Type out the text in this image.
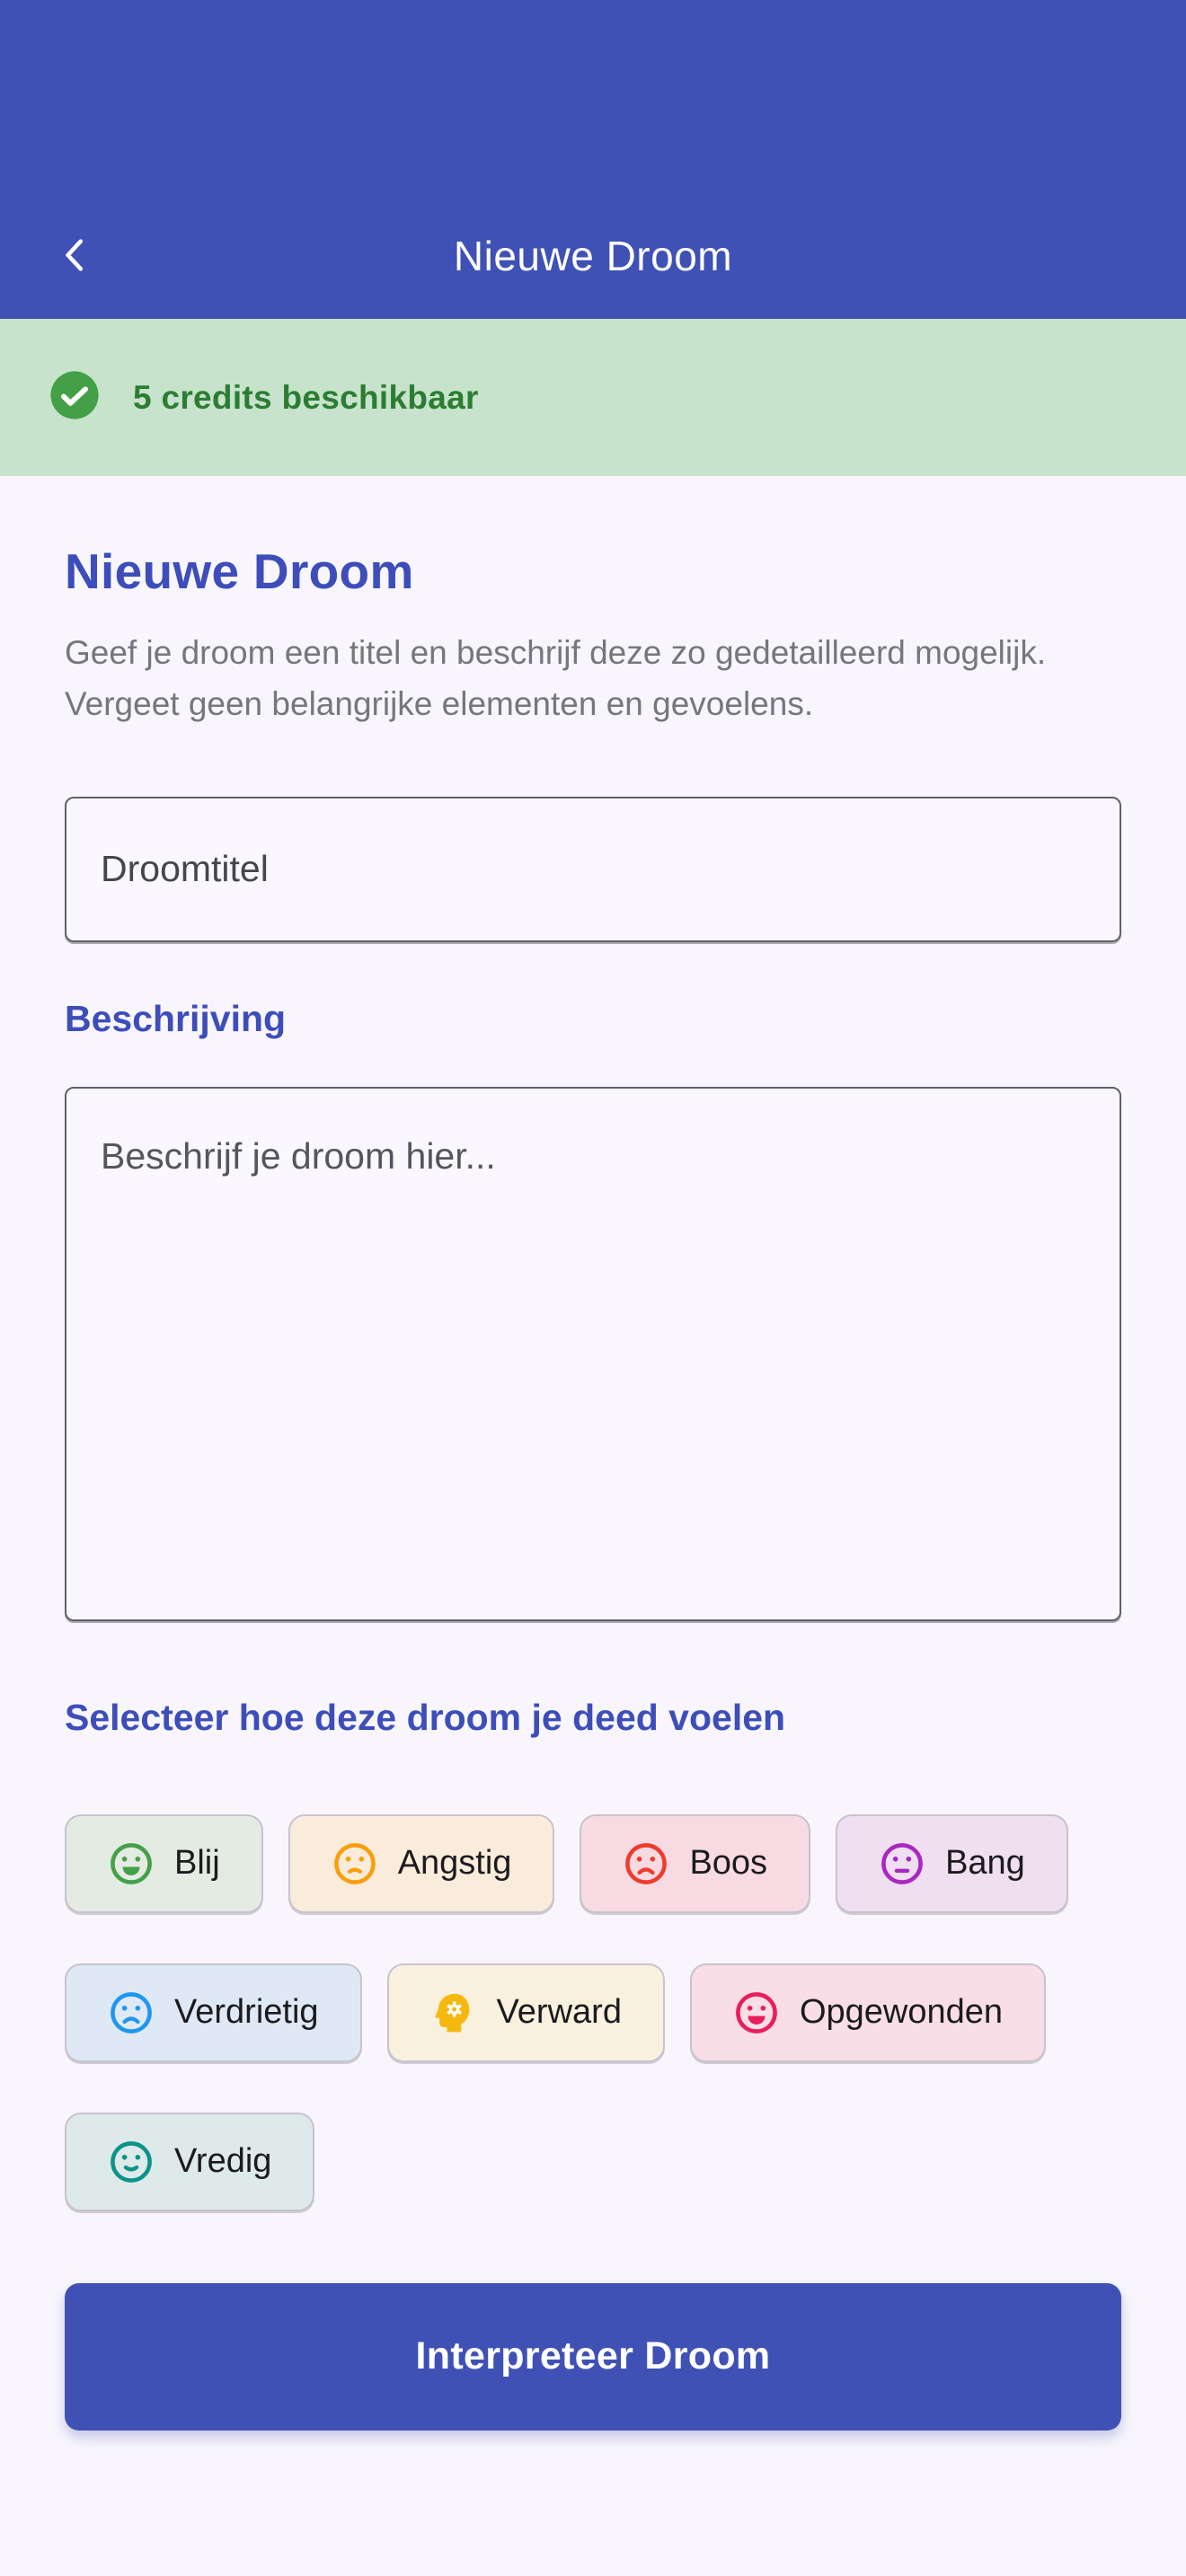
Nieuwe Droom
5 credits beschikbaar
Nieuwe Droom

Geef je droom een titel en beschrijf deze zo gedetailleerd mogelijk. Vergeet geen belangrijke elementen en gevoelens.

Droomtitel
Beschrijving
Beschrijf je droom hier...
Selecteer hoe deze droom je deed voelen
Blij	Angstig	Boos	Bang
Verdrietig	Verward	Opgewonden
Vredig
Interpreteer Droom
